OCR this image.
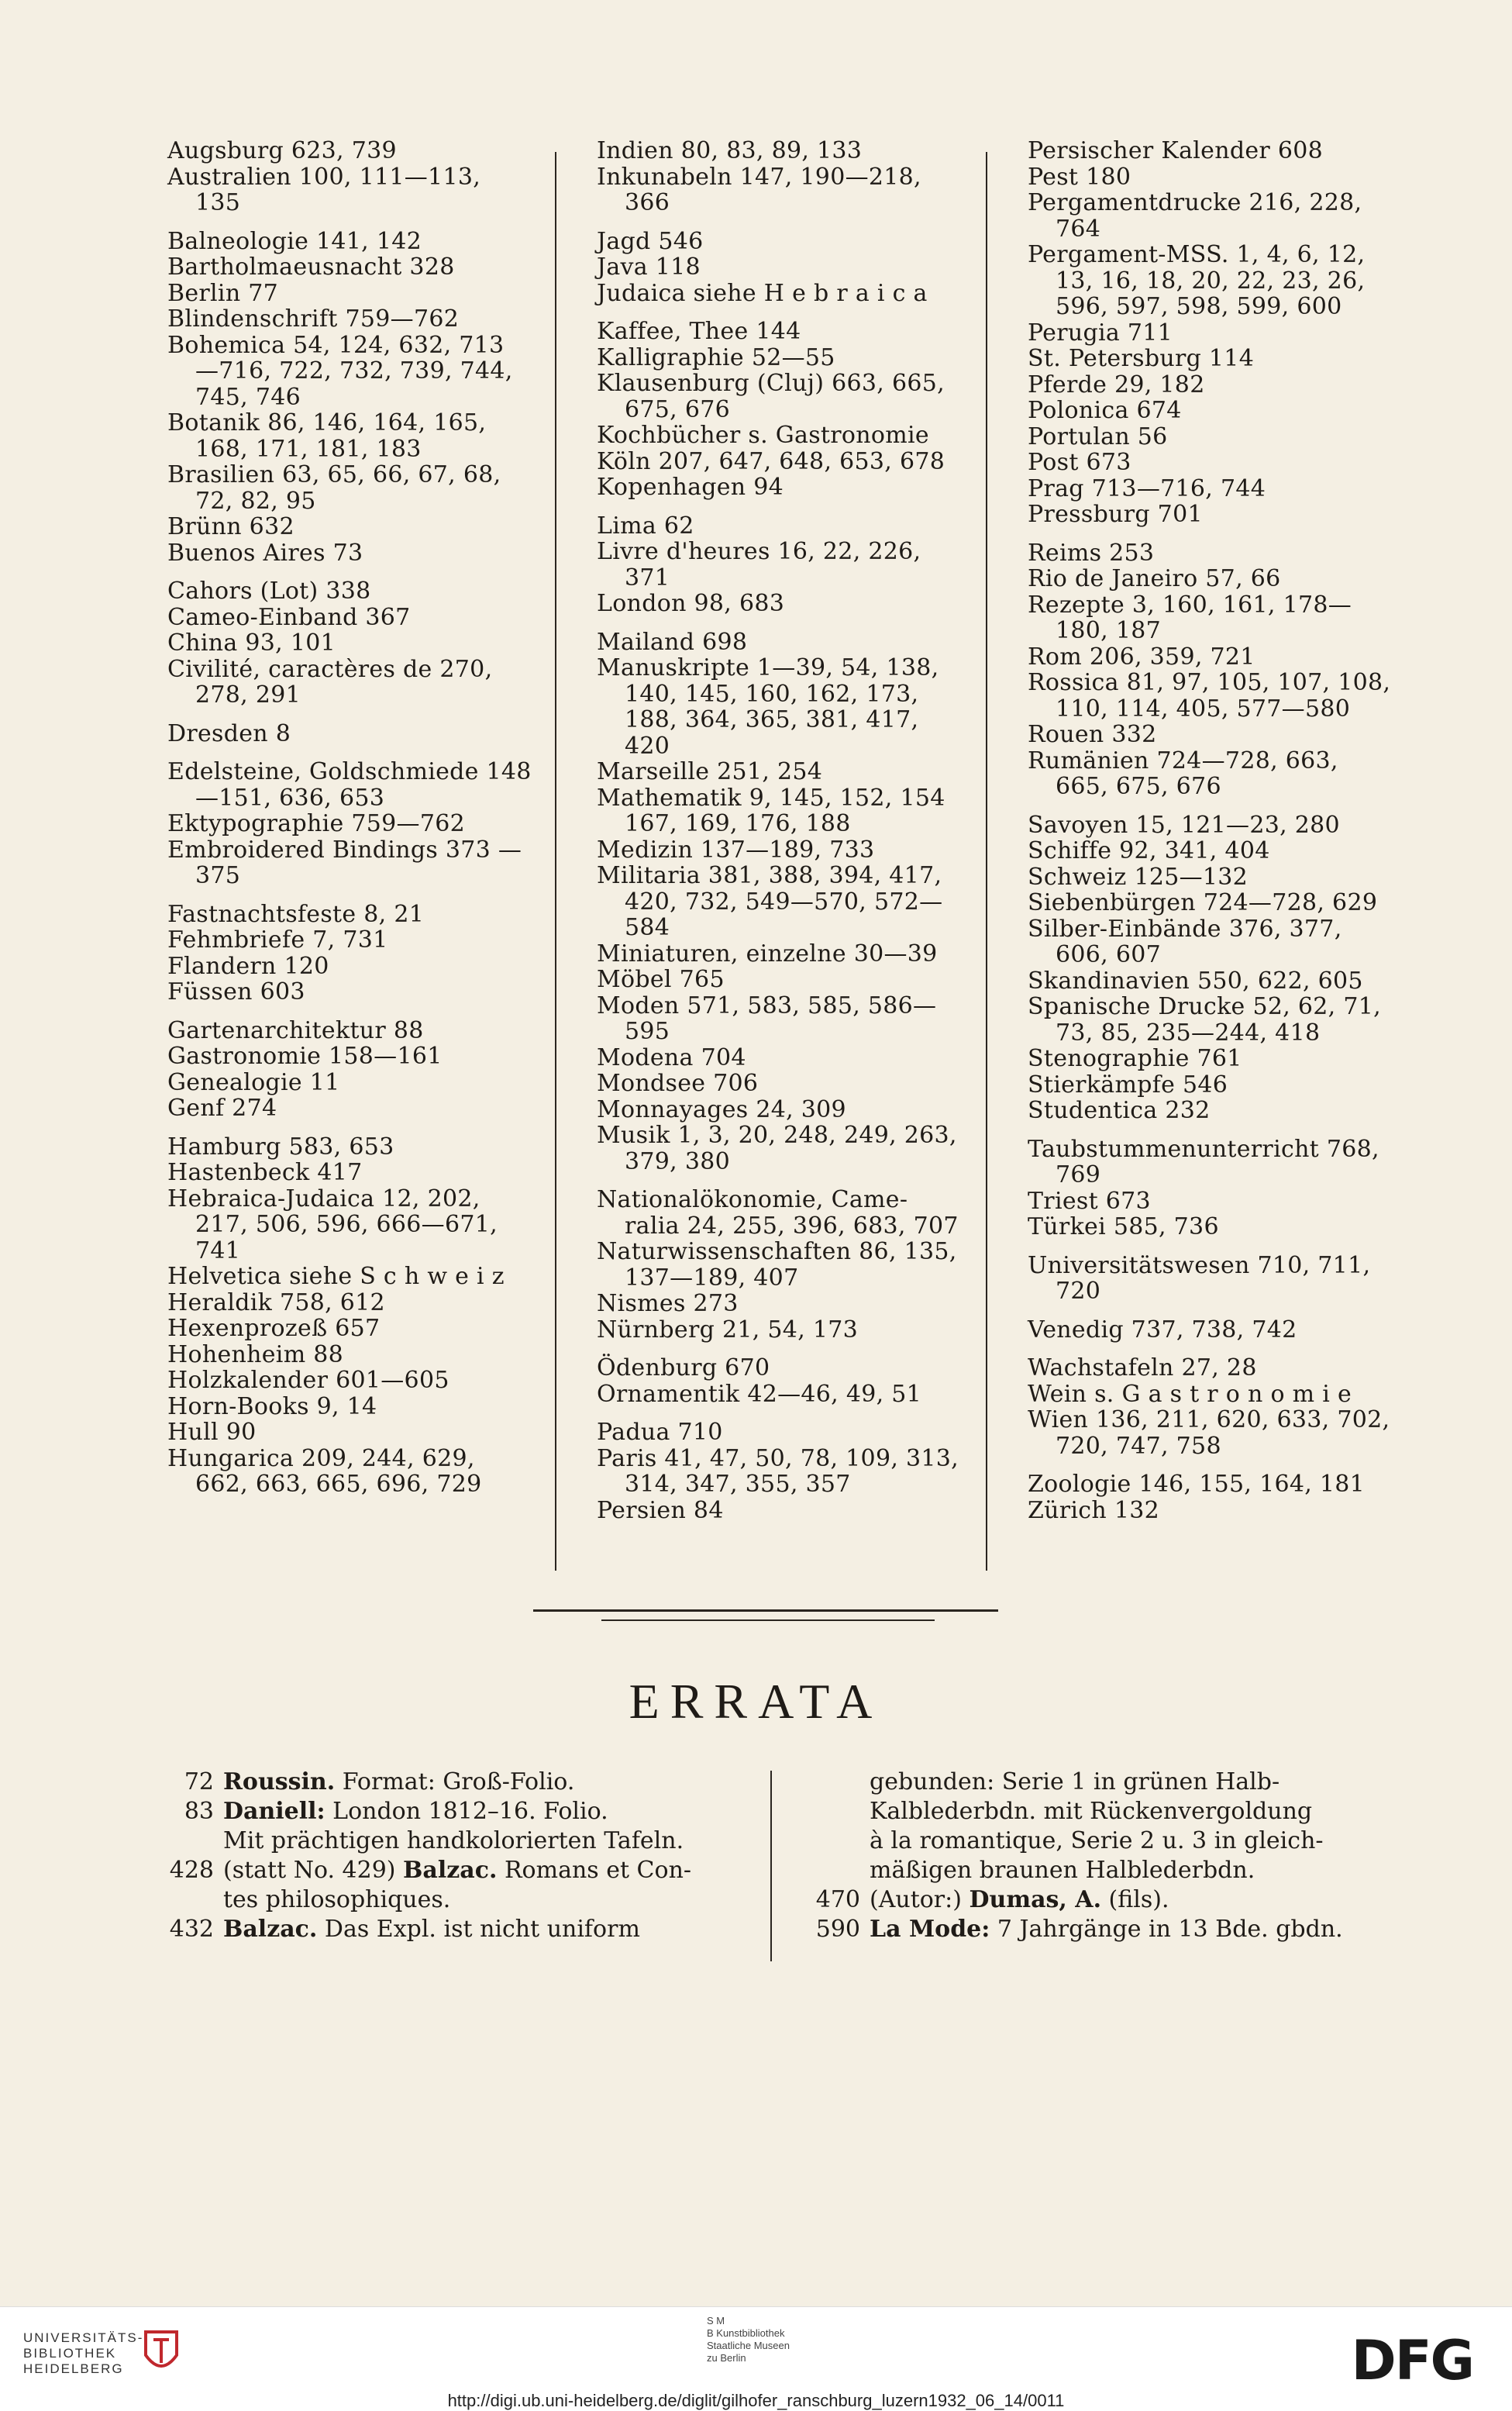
Augsburg 623, 739
Australien 100, 111—113, 135
Balneologie 141, 142
Bartholmaeusnacht 328
Berlin 77
Blindenschrift 759—762
Bohemica 54, 124, 632, 713 —716, 722, 732, 739, 744, 745, 746
Botanik 86, 146, 164, 165, 168, 171, 181, 183
Brasilien 63, 65, 66, 67, 68, 72, 82, 95
Brünn 632
Buenos Aires 73
Cahors (Lot) 338
Cameo-Einband 367
China 93, 101
Civilité, caractères de 270, 278, 291
Dresden 8
Edelsteine, Goldschmiede 148—151, 636, 653
Ektypographie 759—762
Embroidered Bindings 373 —375
Fastnachtsfeste 8, 21
Fehmbriefe 7, 731
Flandern 120
Füssen 603
Gartenarchitektur 88
Gastronomie 158—161
Genealogie 11
Genf 274
Hamburg 583, 653
Hastenbeck 417
Hebraica-Judaica 12, 202, 217, 506, 596, 666—671, 741
Helvetica siehe S c h w e i z
Heraldik 758, 612
Hexenprozeß 657
Hohenheim 88
Holzkalender 601—605
Horn-Books 9, 14
Hull 90
Hungarica 209, 244, 629, 662, 663, 665, 696, 729
Indien 80, 83, 89, 133
Inkunabeln 147, 190—218, 366
Jagd 546
Java 118
Judaica siehe H e b r a i c a
Kaffee, Thee 144
Kalligraphie 52—55
Klausenburg (Cluj) 663, 665, 675, 676
Kochbücher s. Gastronomie
Köln 207, 647, 648, 653, 678
Kopenhagen 94
Lima 62
Livre d'heures 16, 22, 226, 371
London 98, 683
Mailand 698
Manuskripte 1—39, 54, 138, 140, 145, 160, 162, 173, 188, 364, 365, 381, 417, 420
Marseille 251, 254
Mathematik 9, 145, 152, 154 167, 169, 176, 188
Medizin 137—189, 733
Militaria 381, 388, 394, 417, 420, 732, 549—570, 572— 584
Miniaturen, einzelne 30—39
Möbel 765
Moden 571, 583, 585, 586— 595
Modena 704
Mondsee 706
Monnayages 24, 309
Musik 1, 3, 20, 248, 249, 263, 379, 380
Nationalökonomie, Came- ralia 24, 255, 396, 683, 707
Naturwissenschaften 86, 135, 137—189, 407
Nismes 273
Nürnberg 21, 54, 173
Ödenburg 670
Ornamentik 42—46, 49, 51
Padua 710
Paris 41, 47, 50, 78, 109, 313, 314, 347, 355, 357
Persien 84
Persischer Kalender 608
Pest 180
Pergamentdrucke 216, 228, 764
Pergament-MSS. 1, 4, 6, 12, 13, 16, 18, 20, 22, 23, 26, 596, 597, 598, 599, 600
Perugia 711
St. Petersburg 114
Pferde 29, 182
Polonica 674
Portulan 56
Post 673
Prag 713—716, 744
Pressburg 701
Reims 253
Rio de Janeiro 57, 66
Rezepte 3, 160, 161, 178— 180, 187
Rom 206, 359, 721
Rossica 81, 97, 105, 107, 108, 110, 114, 405, 577—580
Rouen 332
Rumänien 724—728, 663, 665, 675, 676
Savoyen 15, 121—23, 280
Schiffe 92, 341, 404
Schweiz 125—132
Siebenbürgen 724—728, 629
Silber-Einbände 376, 377, 606, 607
Skandinavien 550, 622, 605
Spanische Drucke 52, 62, 71, 73, 85, 235—244, 418
Stenographie 761
Stierkämpfe 546
Studentica 232
Taubstummenunterricht 768, 769
Triest 673
Türkei 585, 736
Universitätswesen 710, 711, 720
Venedig 737, 738, 742
Wachstafeln 27, 28
Wein s. G a s t r o n o m i e
Wien 136, 211, 620, 633, 702, 720, 747, 758
Zoologie 146, 155, 164, 181
Zürich 132
ERRATA
72 Roussin. Format: Groß-Folio.
83 Daniell: London 1812–16. Folio.
Mit prächtigen handkolorierten Tafeln.
428 (statt No. 429) Balzac. Romans et Con-
tes philosophiques.
432 Balzac. Das Expl. ist nicht uniform
gebunden: Serie 1 in grünen Halb-
Kalblederbdn. mit Rückenvergoldung
à la romantique, Serie 2 u. 3 in gleich-
mäßigen braunen Halblederbdn.
470 (Autor:) Dumas, A. (fils).
590 La Mode: 7 Jahrgänge in 13 Bde. gbdn.
UNIVERSITÄTS-
BIBLIOTHEK
HEIDELBERG
S M
B Kunstbibliothek
Staatliche Museen
zu Berlin	DFG
http://digi.ub.uni-heidelberg.de/diglit/gilhofer_ranschburg_luzern1932_06_14/0011
